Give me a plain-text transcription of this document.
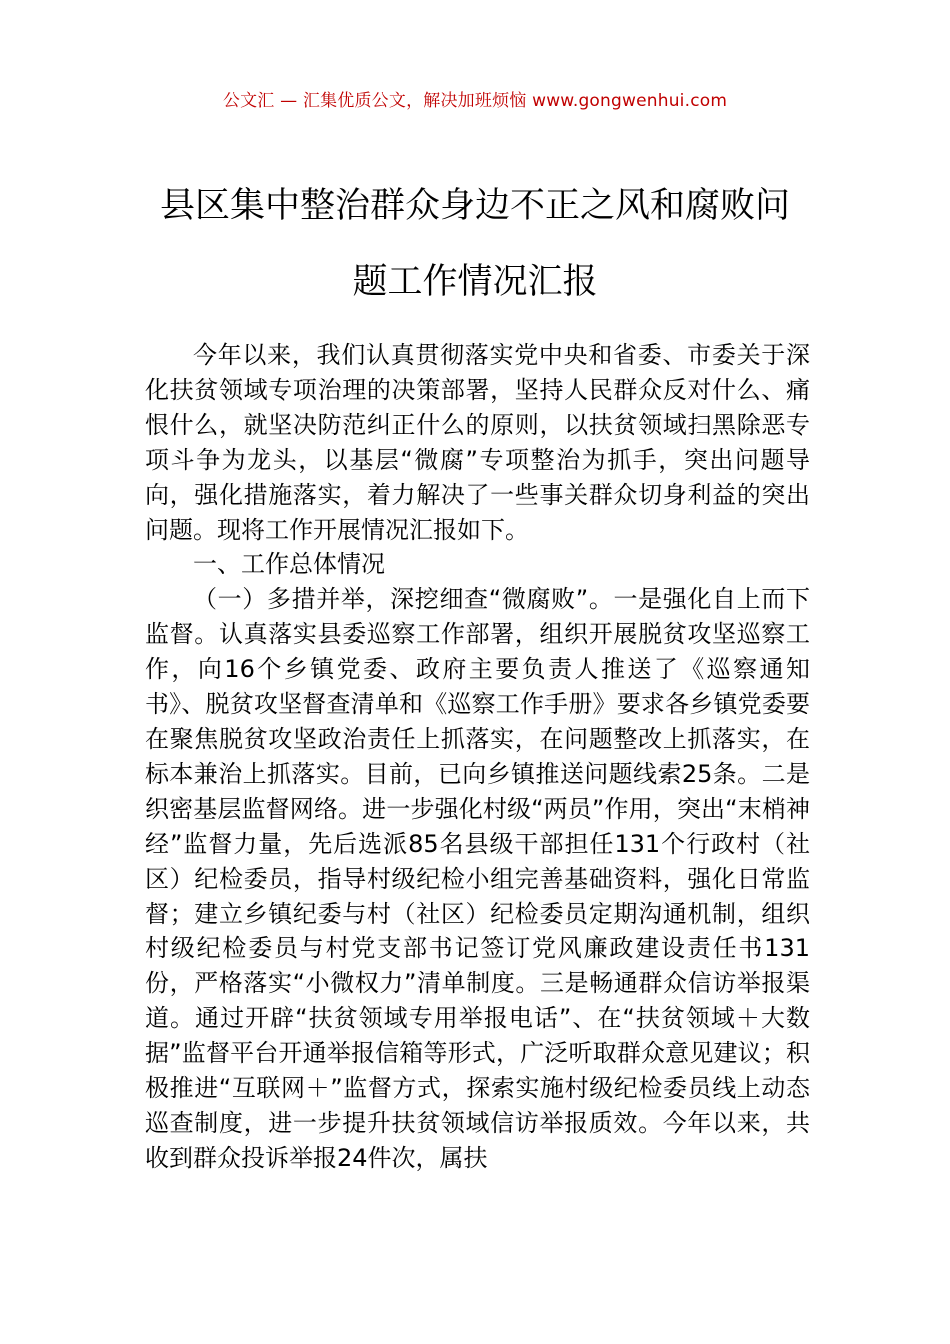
公文汇 — 汇集优质公文，解决加班烦恼 www.gongwenhui.com
县区集中整治群众身边不正之风和腐败问
题工作情况汇报

今年以来，我们认真贯彻落实党中央和省委、市委关于深化扶贫领域专项治理的决策部署，坚持人民群众反对什么、痛恨什么，就坚决防范纠正什么的原则，以扶贫领域扫黑除恶专项斗争为龙头，以基层“微腐”专项整治为抓手，突出问题导向，强化措施落实，着力解决了一些事关群众切身利益的突出问题。现将工作开展情况汇报如下。

一、工作总体情况

（一）多措并举，深挖细查“微腐败”。一是强化自上而下监督。认真落实县委巡察工作部署，组织开展脱贫攻坚巡察工作，向16个乡镇党委、政府主要负责人推送了《巡察通知书》、脱贫攻坚督查清单和《巡察工作手册》要求各乡镇党委要在聚焦脱贫攻坚政治责任上抓落实，在问题整改上抓落实，在标本兼治上抓落实。目前，已向乡镇推送问题线索25条。二是织密基层监督网络。进一步强化村级“两员”作用，突出“末梢神经”监督力量，先后选派85名县级干部担任131个行政村（社区）纪检委员，指导村级纪检小组完善基础资料，强化日常监督；建立乡镇纪委与村（社区）纪检委员定期沟通机制，组织村级纪检委员与村党支部书记签订党风廉政建设责任书131份，严格落实“小微权力”清单制度。三是畅通群众信访举报渠道。通过开辟“扶贫领域专用举报电话”、在“扶贫领域＋大数据”监督平台开通举报信箱等形式，广泛听取群众意见建议；积极推进“互联网＋”监督方式，探索实施村级纪检委员线上动态巡查制度，进一步提升扶贫领域信访举报质效。今年以来，共收到群众投诉举报24件次，属扶
